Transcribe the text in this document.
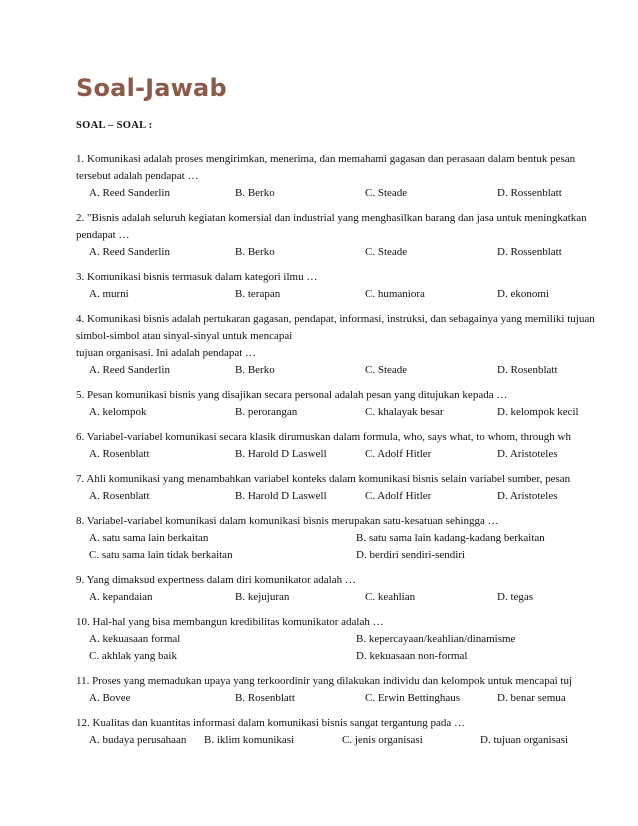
Soal-Jawab
SOAL – SOAL :
1. Komunikasi adalah proses mengirimkan, menerima, dan memahami gagasan dan perasaan dalam bentuk pesan
tersebut adalah pendapat …
A. Reed Sanderlin	B. Berko	C. Steade	D. Rossenblatt
2. "Bisnis adalah seluruh kegiatan komersial dan industrial yang menghasilkan barang dan jasa untuk meningkatkan
pendapat …
A. Reed Sanderlin	B. Berko	C. Steade	D. Rossenblatt
3. Komunikasi bisnis termasuk dalam kategori ilmu …
A. murni	B. terapan	C. humaniora	D. ekonomi
4. Komunikasi bisnis adalah pertukaran gagasan, pendapat, informasi, instruksi, dan sebagainya yang memiliki tujuan
simbol-simbol atau sinyal-sinyal untuk mencapai
tujuan organisasi. Ini adalah pendapat …
A. Reed Sanderlin	B. Berko	C. Steade	D. Rosenblatt
5. Pesan komunikasi bisnis yang disajikan secara personal adalah pesan yang ditujukan kepada …
A. kelompok	B. perorangan	C. khalayak besar	D. kelompok kecil
6. Variabel-variabel komunikasi secara klasik dirumuskan dalam formula, who, says what, to whom, through wh
A. Rosenblatt	B. Harold D Laswell	C. Adolf Hitler	D. Aristoteles
7. Ahli komunikasi yang menambahkan variabel konteks dalam komunikasi bisnis selain variabel sumber, pesan
A. Rosenblatt	B. Harold D Laswell	C. Adolf Hitler	D. Aristoteles
8. Variabel-variabel komunikasi dalam komunikasi bisnis merupakan satu-kesatuan sehingga …
A. satu sama lain berkaitan	B. satu sama lain kadang-kadang berkaitan
C. satu sama lain tidak berkaitan	D. berdiri sendiri-sendiri
9. Yang dimaksud expertness dalam diri komunikator adalah …
A. kepandaian	B. kejujuran	C. keahlian	D. tegas
10. Hal-hal yang bisa membangun kredibilitas komunikator adalah …
A. kekuasaan formal	B. kepercayaan/keahlian/dinamisme
C. akhlak yang baik	D. kekuasaan non-formal
11. Proses yang memadukan upaya yang terkoordinir yang dilakukan individu dan kelompok untuk mencapai tuj
A. Bovee	B. Rosenblatt	C. Erwin Bettinghaus	D. benar semua
12. Kualitas dan kuantitas informasi dalam komunikasi bisnis sangat tergantung pada …
A. budaya perusahaan B. iklim komunikasi	C. jenis organisasi	D. tujuan organisasi
